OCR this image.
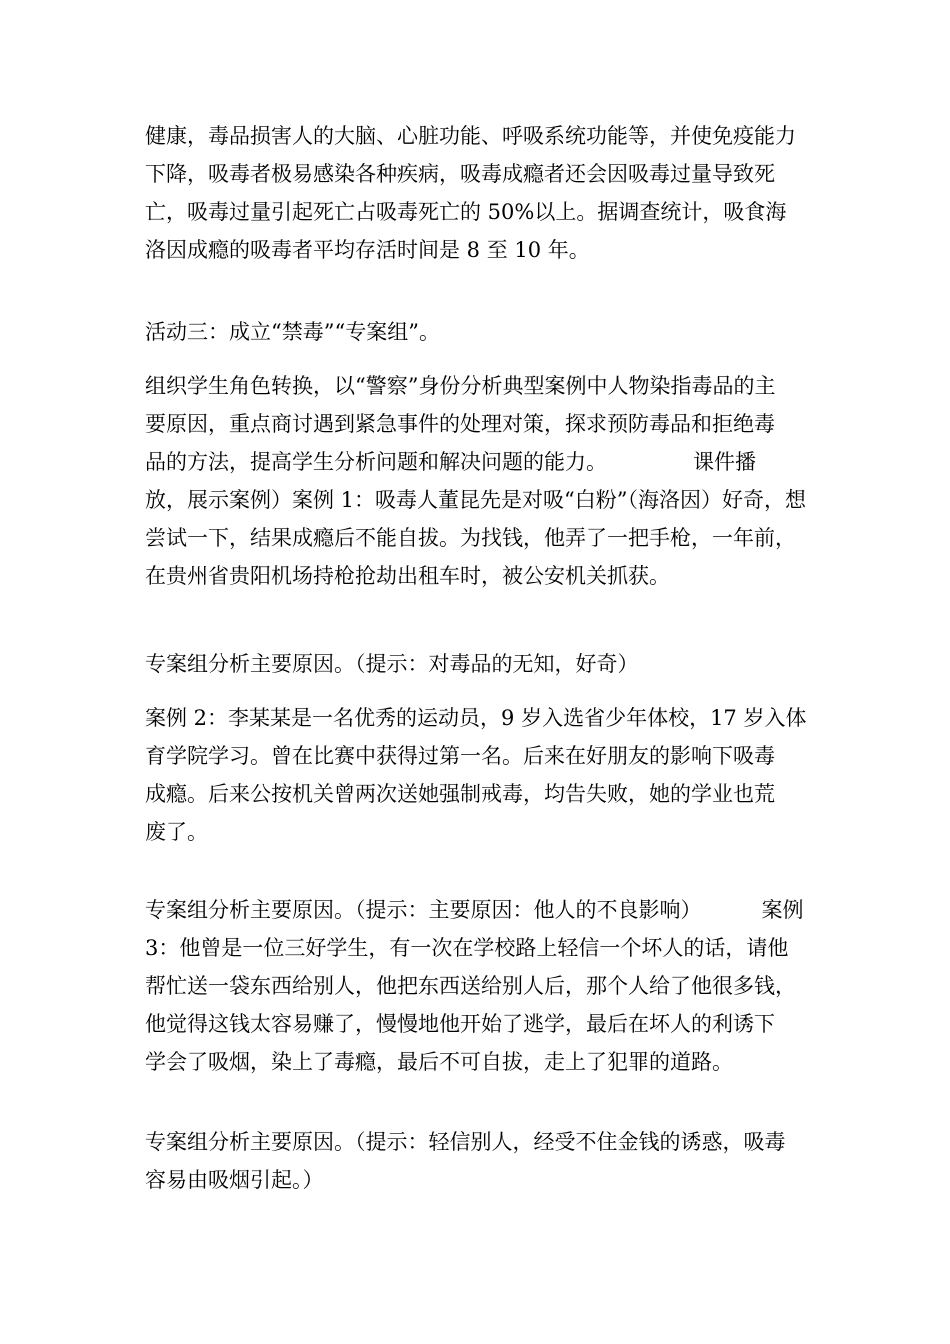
健康，毒品损害人的大脑、心脏功能、呼吸系统功能等，并使免疫能力
下降，吸毒者极易感染各种疾病，吸毒成瘾者还会因吸毒过量导致死
亡，吸毒过量引起死亡占吸毒死亡的 50%以上。据调查统计，吸食海
洛因成瘾的吸毒者平均存活时间是 8 至 10 年。
活动三：成立“禁毒”“专案组”。
组织学生角色转换，以“警察”身份分析典型案例中人物染指毒品的主
要原因，重点商讨遇到紧急事件的处理对策，探求预防毒品和拒绝毒
品的方法，提高学生分析问题和解决问题的能力。	课件播
放，展示案例）案例 1：吸毒人董昆先是对吸“白粉”（海洛因）好奇，想
尝试一下，结果成瘾后不能自拔。为找钱，他弄了一把手枪，一年前，
在贵州省贵阳机场持枪抢劫出租车时，被公安机关抓获。
专案组分析主要原因。（提示：对毒品的无知，好奇）
案例 2：李某某是一名优秀的运动员，9 岁入选省少年体校，17 岁入体
育学院学习。曾在比赛中获得过第一名。后来在好朋友的影响下吸毒
成瘾。后来公按机关曾两次送她强制戒毒，均告失败，她的学业也荒
废了。
专案组分析主要原因。（提示：主要原因：他人的不良影响）	案例
3：他曾是一位三好学生，有一次在学校路上轻信一个坏人的话，请他
帮忙送一袋东西给别人，他把东西送给别人后，那个人给了他很多钱，
他觉得这钱太容易赚了，慢慢地他开始了逃学，最后在坏人的利诱下
学会了吸烟，染上了毒瘾，最后不可自拔，走上了犯罪的道路。
专案组分析主要原因。（提示：轻信别人，经受不住金钱的诱惑，吸毒
容易由吸烟引起。）
